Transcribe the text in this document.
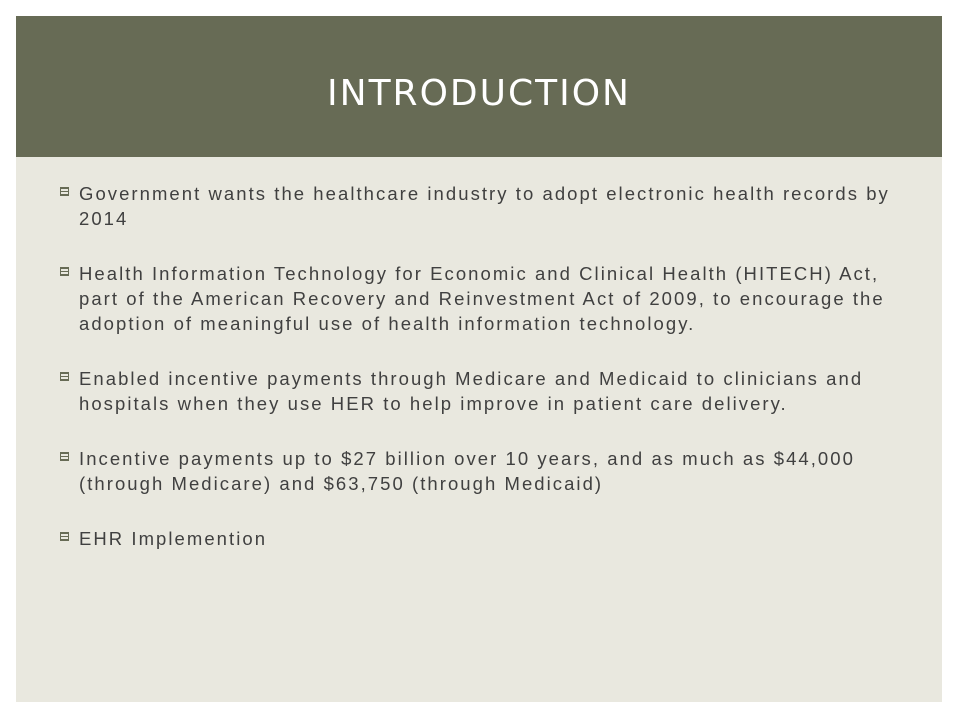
INTRODUCTION
Government wants the healthcare industry to adopt electronic health records by 2014
Health Information Technology for Economic and Clinical Health (HITECH) Act, part of the American Recovery and Reinvestment Act of 2009, to encourage the adoption of meaningful use of health information technology.
Enabled incentive payments through Medicare and Medicaid to clinicians and hospitals when they use HER to help improve in patient care delivery.
Incentive payments up to $27 billion over 10 years, and as much as $44,000 (through Medicare) and $63,750 (through Medicaid)
EHR Implemention
